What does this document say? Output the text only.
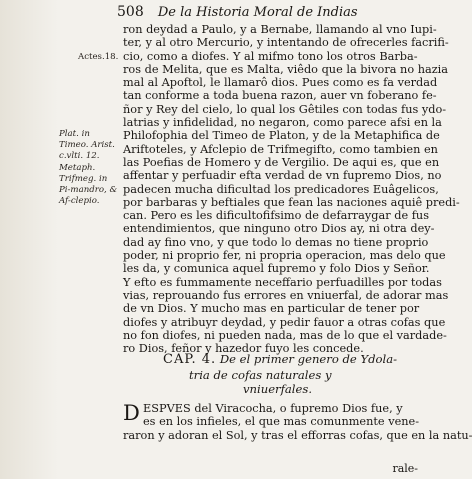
508 De la Historia Moral de Indias
Actes.18.
Plat. in Timeo. Arist. c.vlti. 12. Metaph. Trifmeg. in Pi-mandro, & Af-clepio.
ron deydad a Paulo, y a Bernabe, llamando al vno Iupi-
ter, y al otro Mercurio, y intentando de ofrecerles facrifi-
cio, como a diofes. Y al mifmo tono los otros Barba-
ros de Melita, que es Malta, viêdo que la bivora no hazia
mal al Apoftol, le llamarô dios. Pues como es fa verdad
tan conforme a toda buena razon, auer vn foberano fe-
ñor y Rey del cielo, lo qual los Gêtiles con todas fus ydo-
latrias y infidelidad, no negaron, como parece afsi en la
Philofophia del Timeo de Platon, y de la Metaphifica de
Ariftoteles, y Afclepio de Trifmegifto, como tambien en
las Poefias de Homero y de Vergilio. De aqui es, que en
affentar y perfuadir efta verdad de vn fupremo Dios, no
padecen mucha dificultad los predicadores Euâgelicos,
por barbaras y beftiales que fean las naciones aquiê predi-
can. Pero es les dificultofifsimo de defarraygar de fus
entendimientos, que ninguno otro Dios ay, ni otra dey-
dad ay fino vno, y que todo lo demas no tiene proprio
poder, ni proprio fer, ni propria operacion, mas delo que
les da, y comunica aquel fupremo y folo Dios y Señor.
Y efto es fummamente neceffario perfuadilles por todas
vias, reprouando fus errores en vniuerfal, de adorar mas
de vn Dios. Y mucho mas en particular de tener por
diofes y atribuyr deydad, y pedir fauor a otras cofas que
no fon diofes, ni pueden nada, mas de lo que el vardade-
ro Dios, feñor y hazedor fuyo les concede.
CAP. 4. De el primer genero de Ydola-
tria de cofas naturales y
vniuerfales.
D ESPVES del Viracocha, o fupremo Dios fue, y
es en los infieles, el que mas comunmente vene-
raron y adoran el Sol, y tras el efforras cofas, que en la natu-
rale-
